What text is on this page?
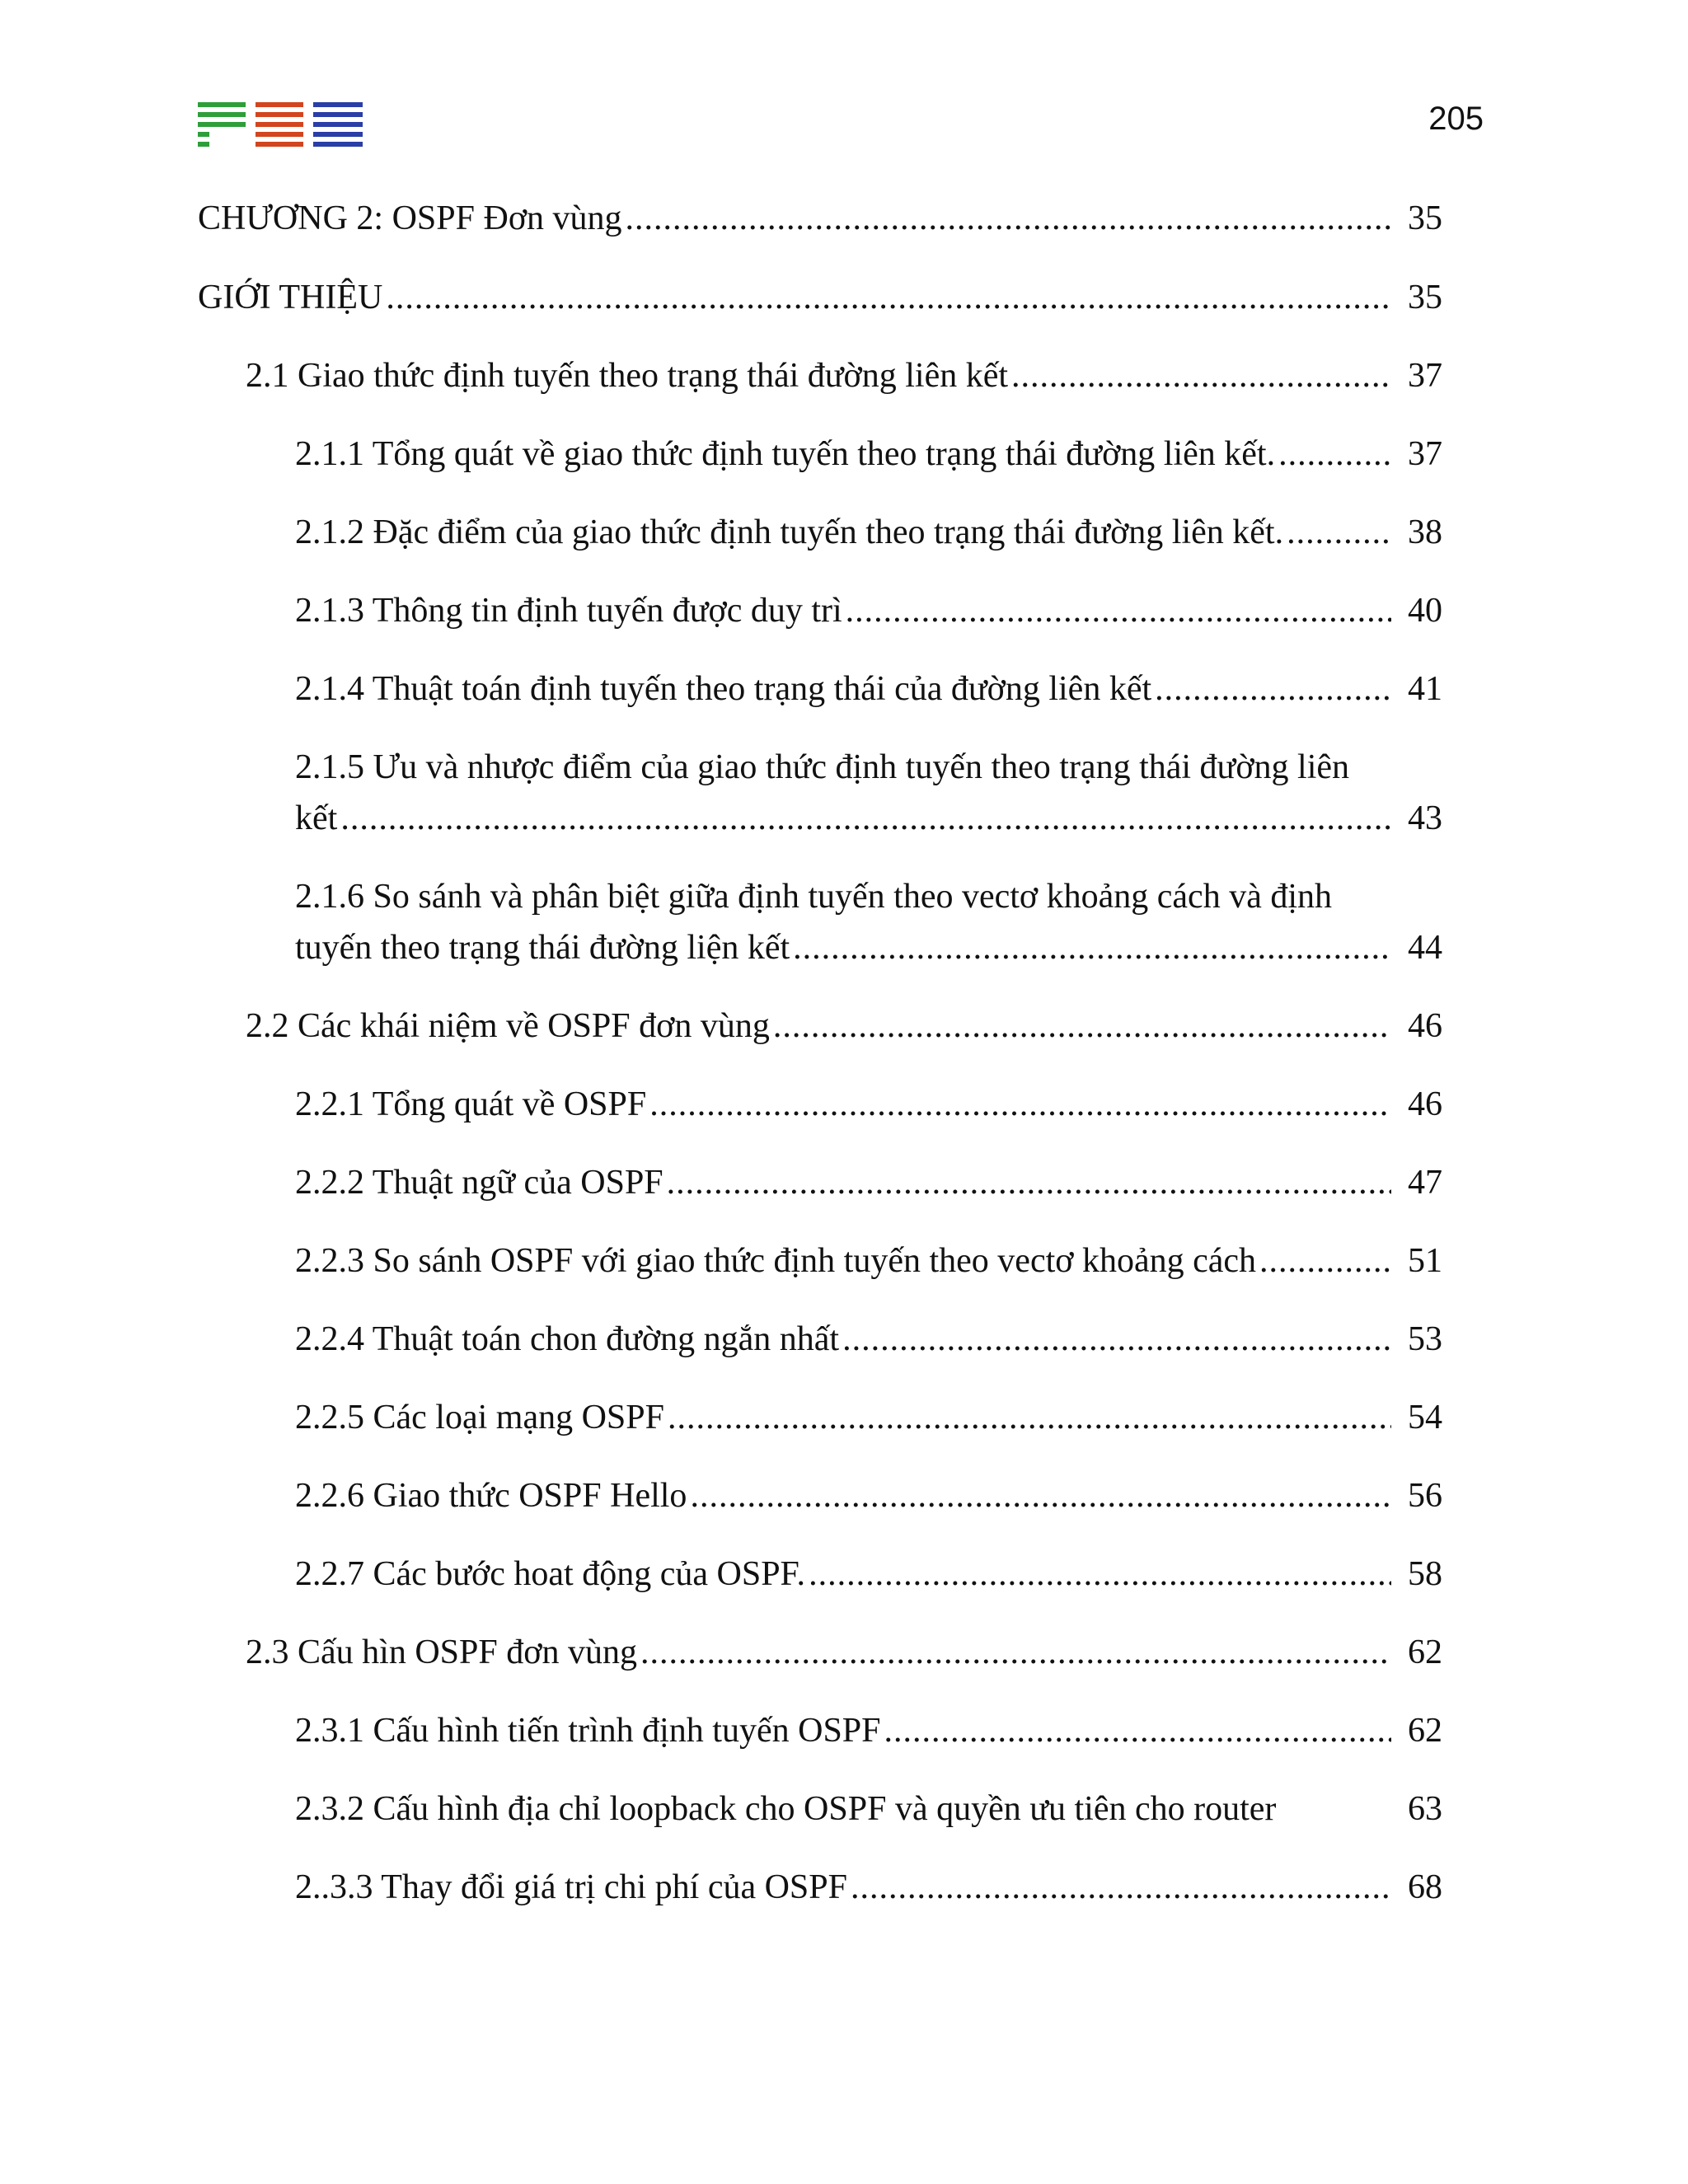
205
CHƯƠNG 2: OSPF Đơn vùng .....	35
GIỚI THIỆU .....	35
2.1 Giao thức định tuyến theo trạng thái đường liên kết .....	37
2.1.1 Tổng quát về giao thức định tuyến theo trạng thái đường liên kết. .....	37
2.1.2 Đặc điểm của giao thức định tuyến theo trạng thái đường liên kết. .....	38
2.1.3 Thông tin định tuyến được duy trì .....	40
2.1.4 Thuật toán định tuyến theo trạng thái của đường liên kết .....	41
2.1.5 Ưu và nhược điểm của giao thức định tuyến theo trạng thái đường liên
kết .....	43
2.1.6 So sánh và phân biệt giữa định tuyến theo vectơ khoảng cách và định
tuyến theo trạng thái đường liện kết .....	44
2.2 Các khái niệm về OSPF đơn vùng .....	46
2.2.1 Tổng quát về OSPF .....	46
2.2.2 Thuật ngữ của OSPF .....	47
2.2.3 So sánh OSPF với giao thức định tuyến theo vectơ khoảng cách .....	51
2.2.4 Thuật toán chon đường ngắn nhất .....	53
2.2.5 Các loại mạng OSPF .....	54
2.2.6 Giao thức OSPF Hello .....	56
2.2.7 Các bước hoat động của OSPF. .....	58
2.3 Cấu hìn OSPF đơn vùng .....	62
2.3.1 Cấu hình tiến trình định tuyến OSPF .....	62
2.3.2 Cấu hình địa chỉ loopback cho OSPF và quyền ưu tiên cho router	63
2..3.3 Thay đổi giá trị chi phí của OSPF .....	68
